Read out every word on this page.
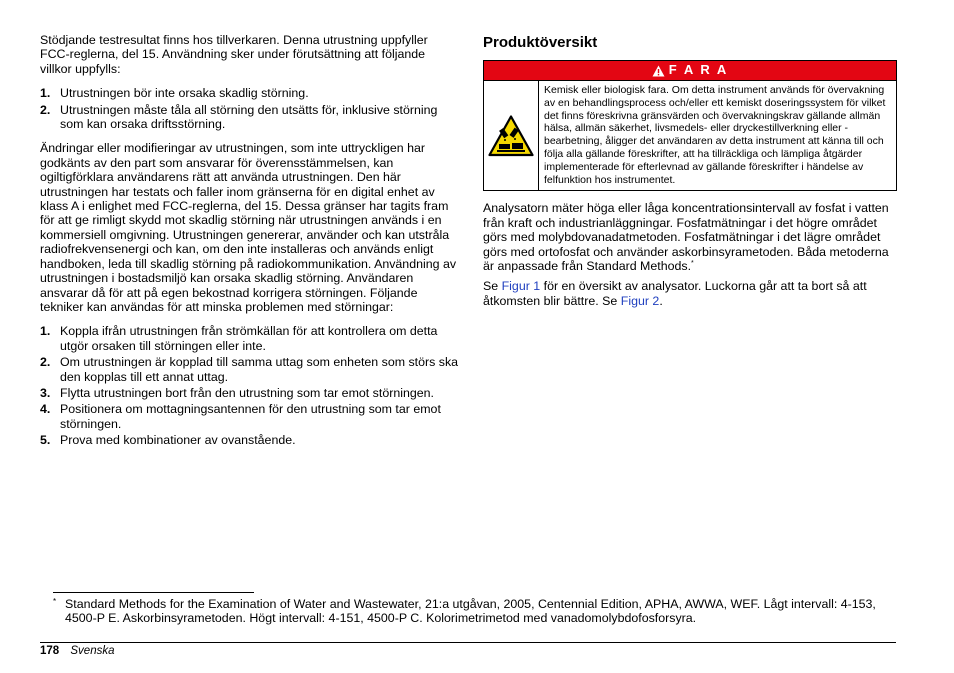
Stödjande testresultat finns hos tillverkaren. Denna utrustning uppfyller FCC-reglerna, del 15. Användning sker under förutsättning att följande villkor uppfylls:

1. Utrustningen bör inte orsaka skadlig störning.
2. Utrustningen måste tåla all störning den utsätts för, inklusive störning som kan orsaka driftsstörning.

Ändringar eller modifieringar av utrustningen, som inte uttryckligen har godkänts av den part som ansvarar för överensstämmelsen, kan ogiltigförklara användarens rätt att använda utrustningen. Den här utrustningen har testats och faller inom gränserna för en digital enhet av klass A i enlighet med FCC-reglerna, del 15. Dessa gränser har tagits fram för att ge rimligt skydd mot skadlig störning när utrustningen används i en kommersiell omgivning. Utrustningen genererar, använder och kan utstråla radiofrekvensenergi och kan, om den inte installeras och används enligt handboken, leda till skadlig störning på radiokommunikation. Användning av utrustningen i bostadsmiljö kan orsaka skadlig störning. Användaren ansvarar då för att på egen bekostnad korrigera störningen. Följande tekniker kan användas för att minska problemen med störningar:

1. Koppla ifrån utrustningen från strömkällan för att kontrollera om detta utgör orsaken till störningen eller inte.
2. Om utrustningen är kopplad till samma uttag som enheten som störs ska den kopplas till ett annat uttag.
3. Flytta utrustningen bort från den utrustning som tar emot störningen.
4. Positionera om mottagningsantennen för den utrustning som tar emot störningen.
5. Prova med kombinationer av ovanstående.
Produktöversikt
F A R A
Kemisk eller biologisk fara. Om detta instrument används för övervakning av en behandlingsprocess och/eller ett kemiskt doseringssystem för vilket det finns föreskrivna gränsvärden och övervakningskrav gällande allmän hälsa, allmän säkerhet, livsmedels- eller dryckestillverkning eller -bearbetning, åligger det användaren av detta instrument att känna till och följa alla gällande föreskrifter, att ha tillräckliga och lämpliga åtgärder implementerade för efterlevnad av gällande föreskrifter i händelse av felfunktion hos instrumentet.

Analysatorn mäter höga eller låga koncentrationsintervall av fosfat i vatten från kraft och industrianläggningar. Fosfatmätningar i det högre området görs med molybdovanadatmetoden. Fosfatmätningar i det lägre området görs med ortofosfat och använder askorbinsyrametoden. Båda metoderna är anpassade från Standard Methods.*

Se Figur 1 för en översikt av analysator. Luckorna går att ta bort så att åtkomsten blir bättre. Se Figur 2.

* Standard Methods for the Examination of Water and Wastewater, 21:a utgåvan, 2005, Centennial Edition, APHA, AWWA, WEF. Lågt intervall: 4-153, 4500-P E. Askorbinsyrametoden. Högt intervall: 4-151, 4500-P C. Kolorimetrimetod med vanadomolybdofosforsyra.
178 Svenska
